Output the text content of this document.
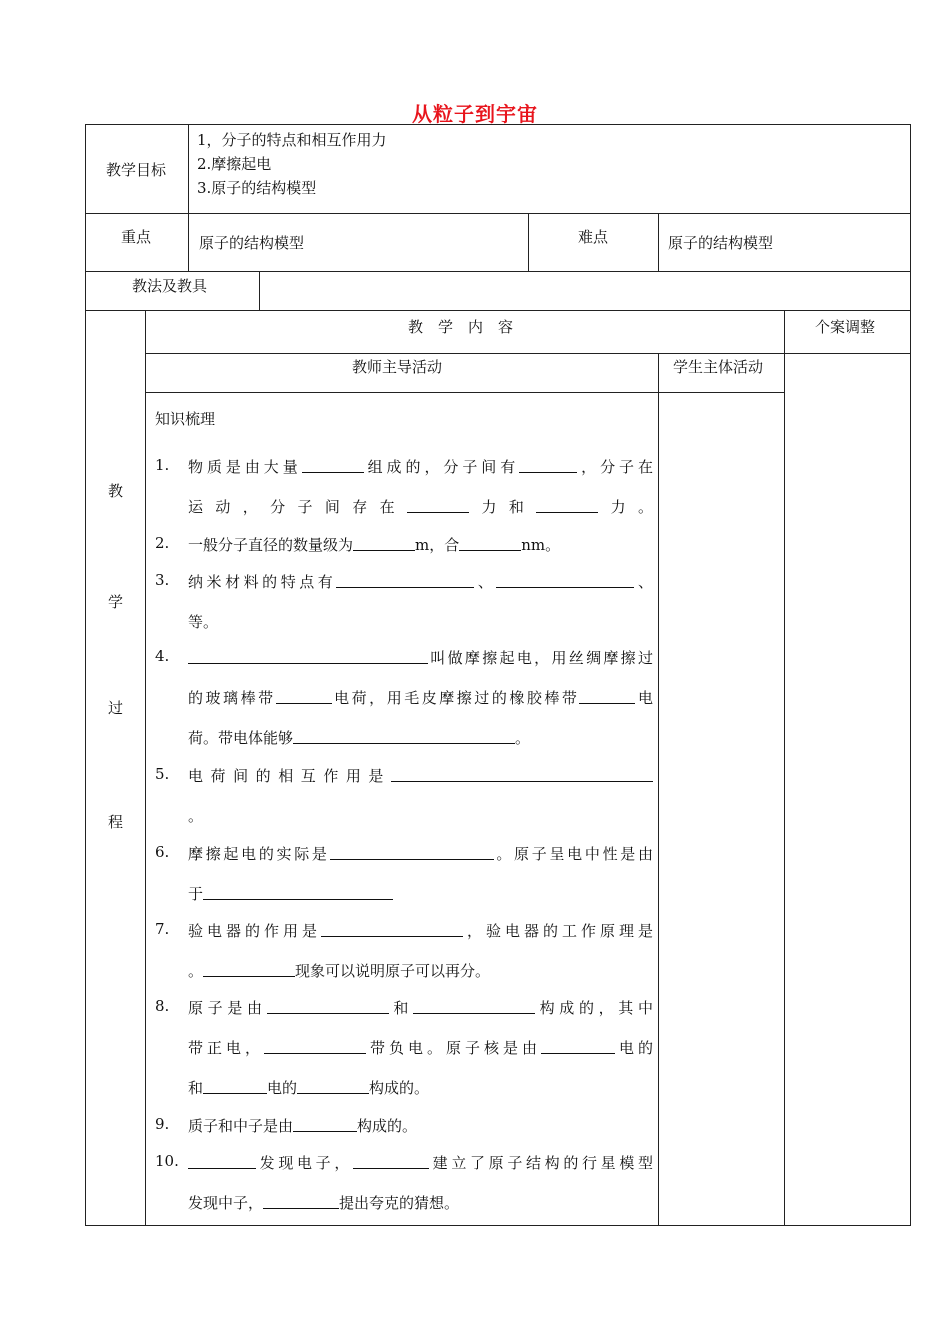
从粒子到宇宙
教学目标
1，分子的特点和相互作用力
2.摩擦起电
3.原子的结构模型
重点	原子的结构模型	难点	原子的结构模型
教法及教具
教　学　内　容	个案调整
教师主导活动	学生主体活动
教
学
过
程
知识梳理
1.	物质是由大量	组成的，分子间有	，分子在
运动，分子间存在	力和	力。
2.	一般分子直径的数量级为	m，合	nm。
3.	纳米材料的特点有	、	、
等。
4.	叫做摩擦起电，用丝绸摩擦过
的玻璃棒带	电荷，用毛皮摩擦过的橡胶棒带	电
荷。带电体能够	。
5.	电荷间的相互作用是
。
6.	摩擦起电的实际是	。原子呈电中性是由
于
7.	验电器的作用是	，验电器的工作原理是
。	现象可以说明原子可以再分。
8.	原子是由	和	构成的，其中
带正电，	带负电。原子核是由	电的
和	电的	构成的。
9.	质子和中子是由	构成的。
10.	发现电子，	建立了原子结构的行星模型
发现中子，	提出夸克的猜想。
